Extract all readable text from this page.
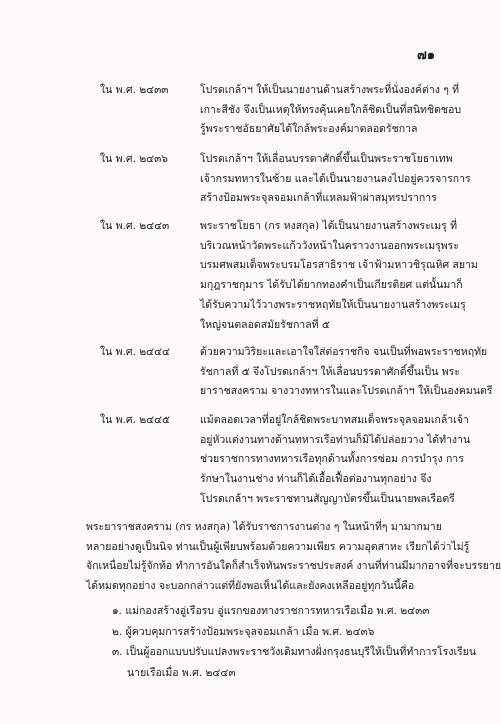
๗๑
ใน พ.ศ. ๒๔๓๓	โปรดเกล้าฯ ให้เป็นนายงานด้านสร้างพระที่นั่งองค์ต่าง ๆ ที่
เกาะสีชัง จึงเป็นเหตุให้ทรงคุ้นเคยใกล้ชิดเป็นที่สนิทชิดชอบ
รู้พระราชอัธยาศัยได้ใกล้พระองค์มาตลอดรัชกาล
ใน พ.ศ. ๒๔๓๖	โปรดเกล้าฯ ให้เลื่อนบรรดาศักดิ์ขึ้นเป็นพระราชโยธาเทพ
เจ้ากรมทหารในซ้าย และได้เป็นนายงานลงไปอยู่ควรจารการ
สร้างป้อมพระจุลจอมเกล้าที่แหลมฟ้าผ่าสมุทรปราการ
ใน พ.ศ. ๒๔๔๓	พระราชโยธา (กร หงสกุล) ได้เป็นนายงานสร้างพระเมรุ ที่
บริเวณหน้าวัดพระแก้ววังหน้าในคราวงานออกพระเมรุพระ
บรมศพสมเด็จพระบรมโอรสาธิราช เจ้าฟ้ามหาวชิรุณหิศ สยาม
มกุฎราชกุมาร ได้รับได้ยากทองคำเป็นเกียรติยศ แต่นั้นมาก็
ได้รับความไว้วางพระราชหฤทัยให้เป็นนายงานสร้างพระเมรุ
ใหญ่จนตลอดสมัยรัชกาลที่ ๕
ใน พ.ศ. ๒๔๔๔	ด้วยความวิริยะและเอาใจใส่ต่อราชกิจ จนเป็นที่พอพระราชหฤทัย
รัชกาลที่ ๕ จึงโปรดเกล้าฯ ให้เลื่อนบรรดาศักดิ์ขึ้นเป็น พระ
ยาราชสงคราม จางวางทหารในและโปรดเกล้าฯ ให้เป็นองคมนตรี
ใน พ.ศ. ๒๔๔๕	แม้ตลอดเวลาที่อยู่ใกล้ชิดพระบาทสมเด็จพระจุลจอมเกล้าเจ้า
อยู่หัวแต่งานทางด้านทหารเรือท่านก็มิได้ปล่อยวาง ได้ทำงาน
ช่วยราชการทางทหารเรือทุกด้านทั้งการซ่อม การบำรุง การ
รักษาในงานช่าง ท่านก็ได้เอื้อเฟื้อต่องานทุกอย่าง จึง
โปรดเกล้าฯ พระราชทานสัญญาบัตรขึ้นเป็นนายพลเรือตรี
พระยาราชสงคราม (กร หงสกุล) ได้รับราชการงานต่าง ๆ ในหน้าที่ๆ มามากมาย
หลายอย่างดูเป็นนิจ ท่านเป็นผู้เพียบพร้อมด้วยความเพียร ความอุตสาหะ เรียกได้ว่าไม่รู้
จักเหนื่อยไม่รู้จักท้อ ทำการอันใดก็สำเร็จทันพระราชประสงค์ งานที่ท่านมีมากอาจที่จะบรรยาย
ได้หมดทุกอย่าง จะบอกกล่าวแต่ที่ยังพอเห็นได้และยังคงเหลืออยู่ทุกวันนี้คือ
๑. แม่กองสร้างอู่เรือรบ อู่แรกของทางราชการทหารเรือเมื่อ พ.ศ. ๒๔๓๓
๒. ผู้ควบคุมการสร้างป้อมพระจุลจอมเกล้า เมื่อ พ.ศ. ๒๔๓๖
๓. เป็นผู้ออกแบบปรับแปลงพระราชวังเดิมทางฝั่งกรุงธนบุรีให้เป็นที่ทำการโรงเรียน
นายเรือเมื่อ พ.ศ. ๒๔๔๓
